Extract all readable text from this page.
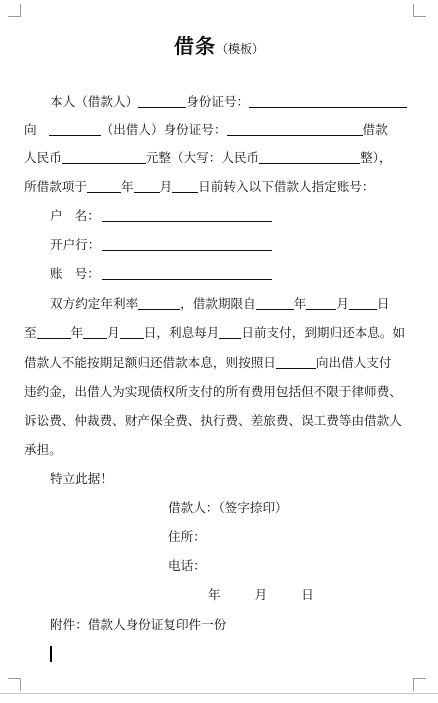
借条（模板）
本人（借款人）	身份证号：
向	（出借人）身份证号：	借款
人民币	元整（大写：人民币	整），
所借款项于	年 月 日前转入以下借款人指定账号：
户   名：
开户行：
账   号：
双方约定年利率	，借款期限自	年 月 日
至	年 月 日，利息每月 日前支付，到期归还本息。如
借款人不能按期足额归还借款本息，则按照日	向出借人支付
违约金，出借人为实现债权所支付的所有费用包括但不限于律师费、
诉讼费、仲裁费、财产保全费、执行费、差旅费、误工费等由借款人
承担。
特立此据！
借款人：（签字捺印）
住所：
电话：
年	月	日
附件：借款人身份证复印件一份
